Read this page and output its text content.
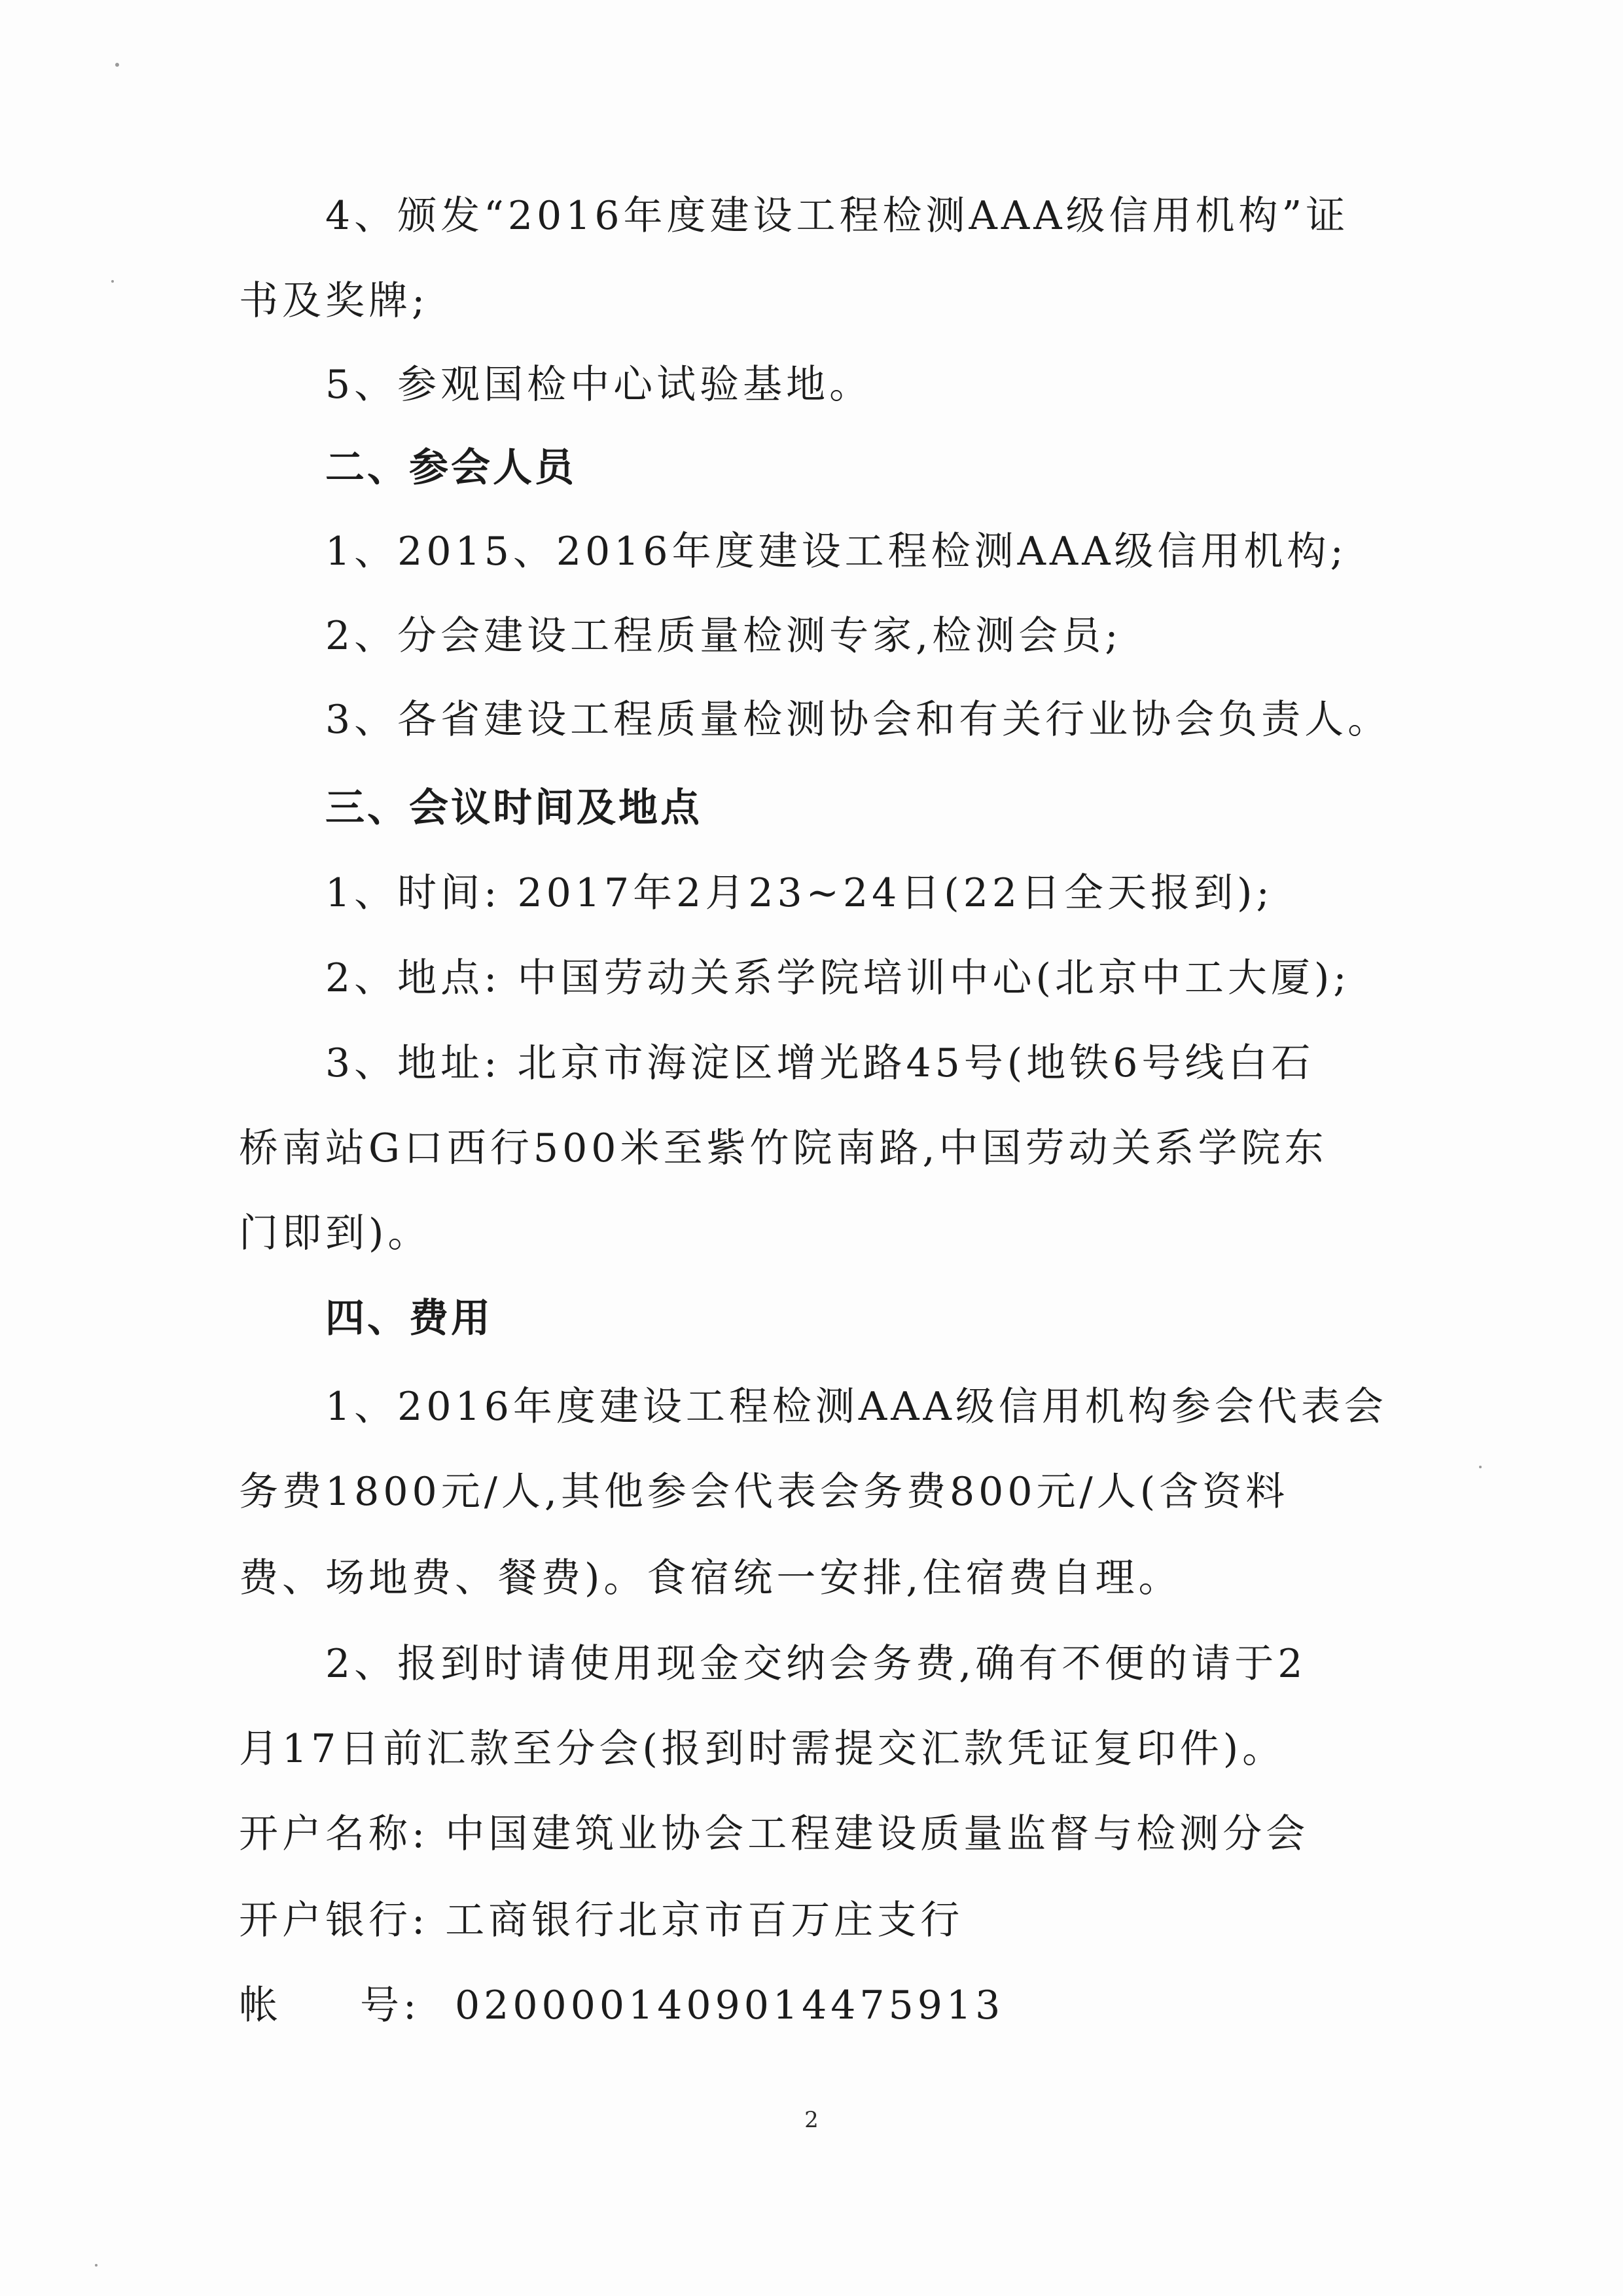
4、颁发“2016年度建设工程检测AAA级信用机构”证
书及奖牌;
5、参观国检中心试验基地。
二、参会人员
1、2015、2016年度建设工程检测AAA级信用机构;
2、分会建设工程质量检测专家,检测会员;
3、各省建设工程质量检测协会和有关行业协会负责人。
三、会议时间及地点
1、时间: 2017年2月23~24日(22日全天报到);
2、地点: 中国劳动关系学院培训中心(北京中工大厦);
3、地址: 北京市海淀区增光路45号(地铁6号线白石
桥南站G口西行500米至紫竹院南路,中国劳动关系学院东
门即到)。
四、费用
1、2016年度建设工程检测AAA级信用机构参会代表会
务费1800元/人,其他参会代表会务费800元/人(含资料
费、场地费、餐费)。食宿统一安排,住宿费自理。
2、报到时请使用现金交纳会务费,确有不便的请于2
月17日前汇款至分会(报到时需提交汇款凭证复印件)。
开户名称: 中国建筑业协会工程建设质量监督与检测分会
开户银行: 工商银行北京市百万庄支行
帐 号: 0200001409014475913
2
